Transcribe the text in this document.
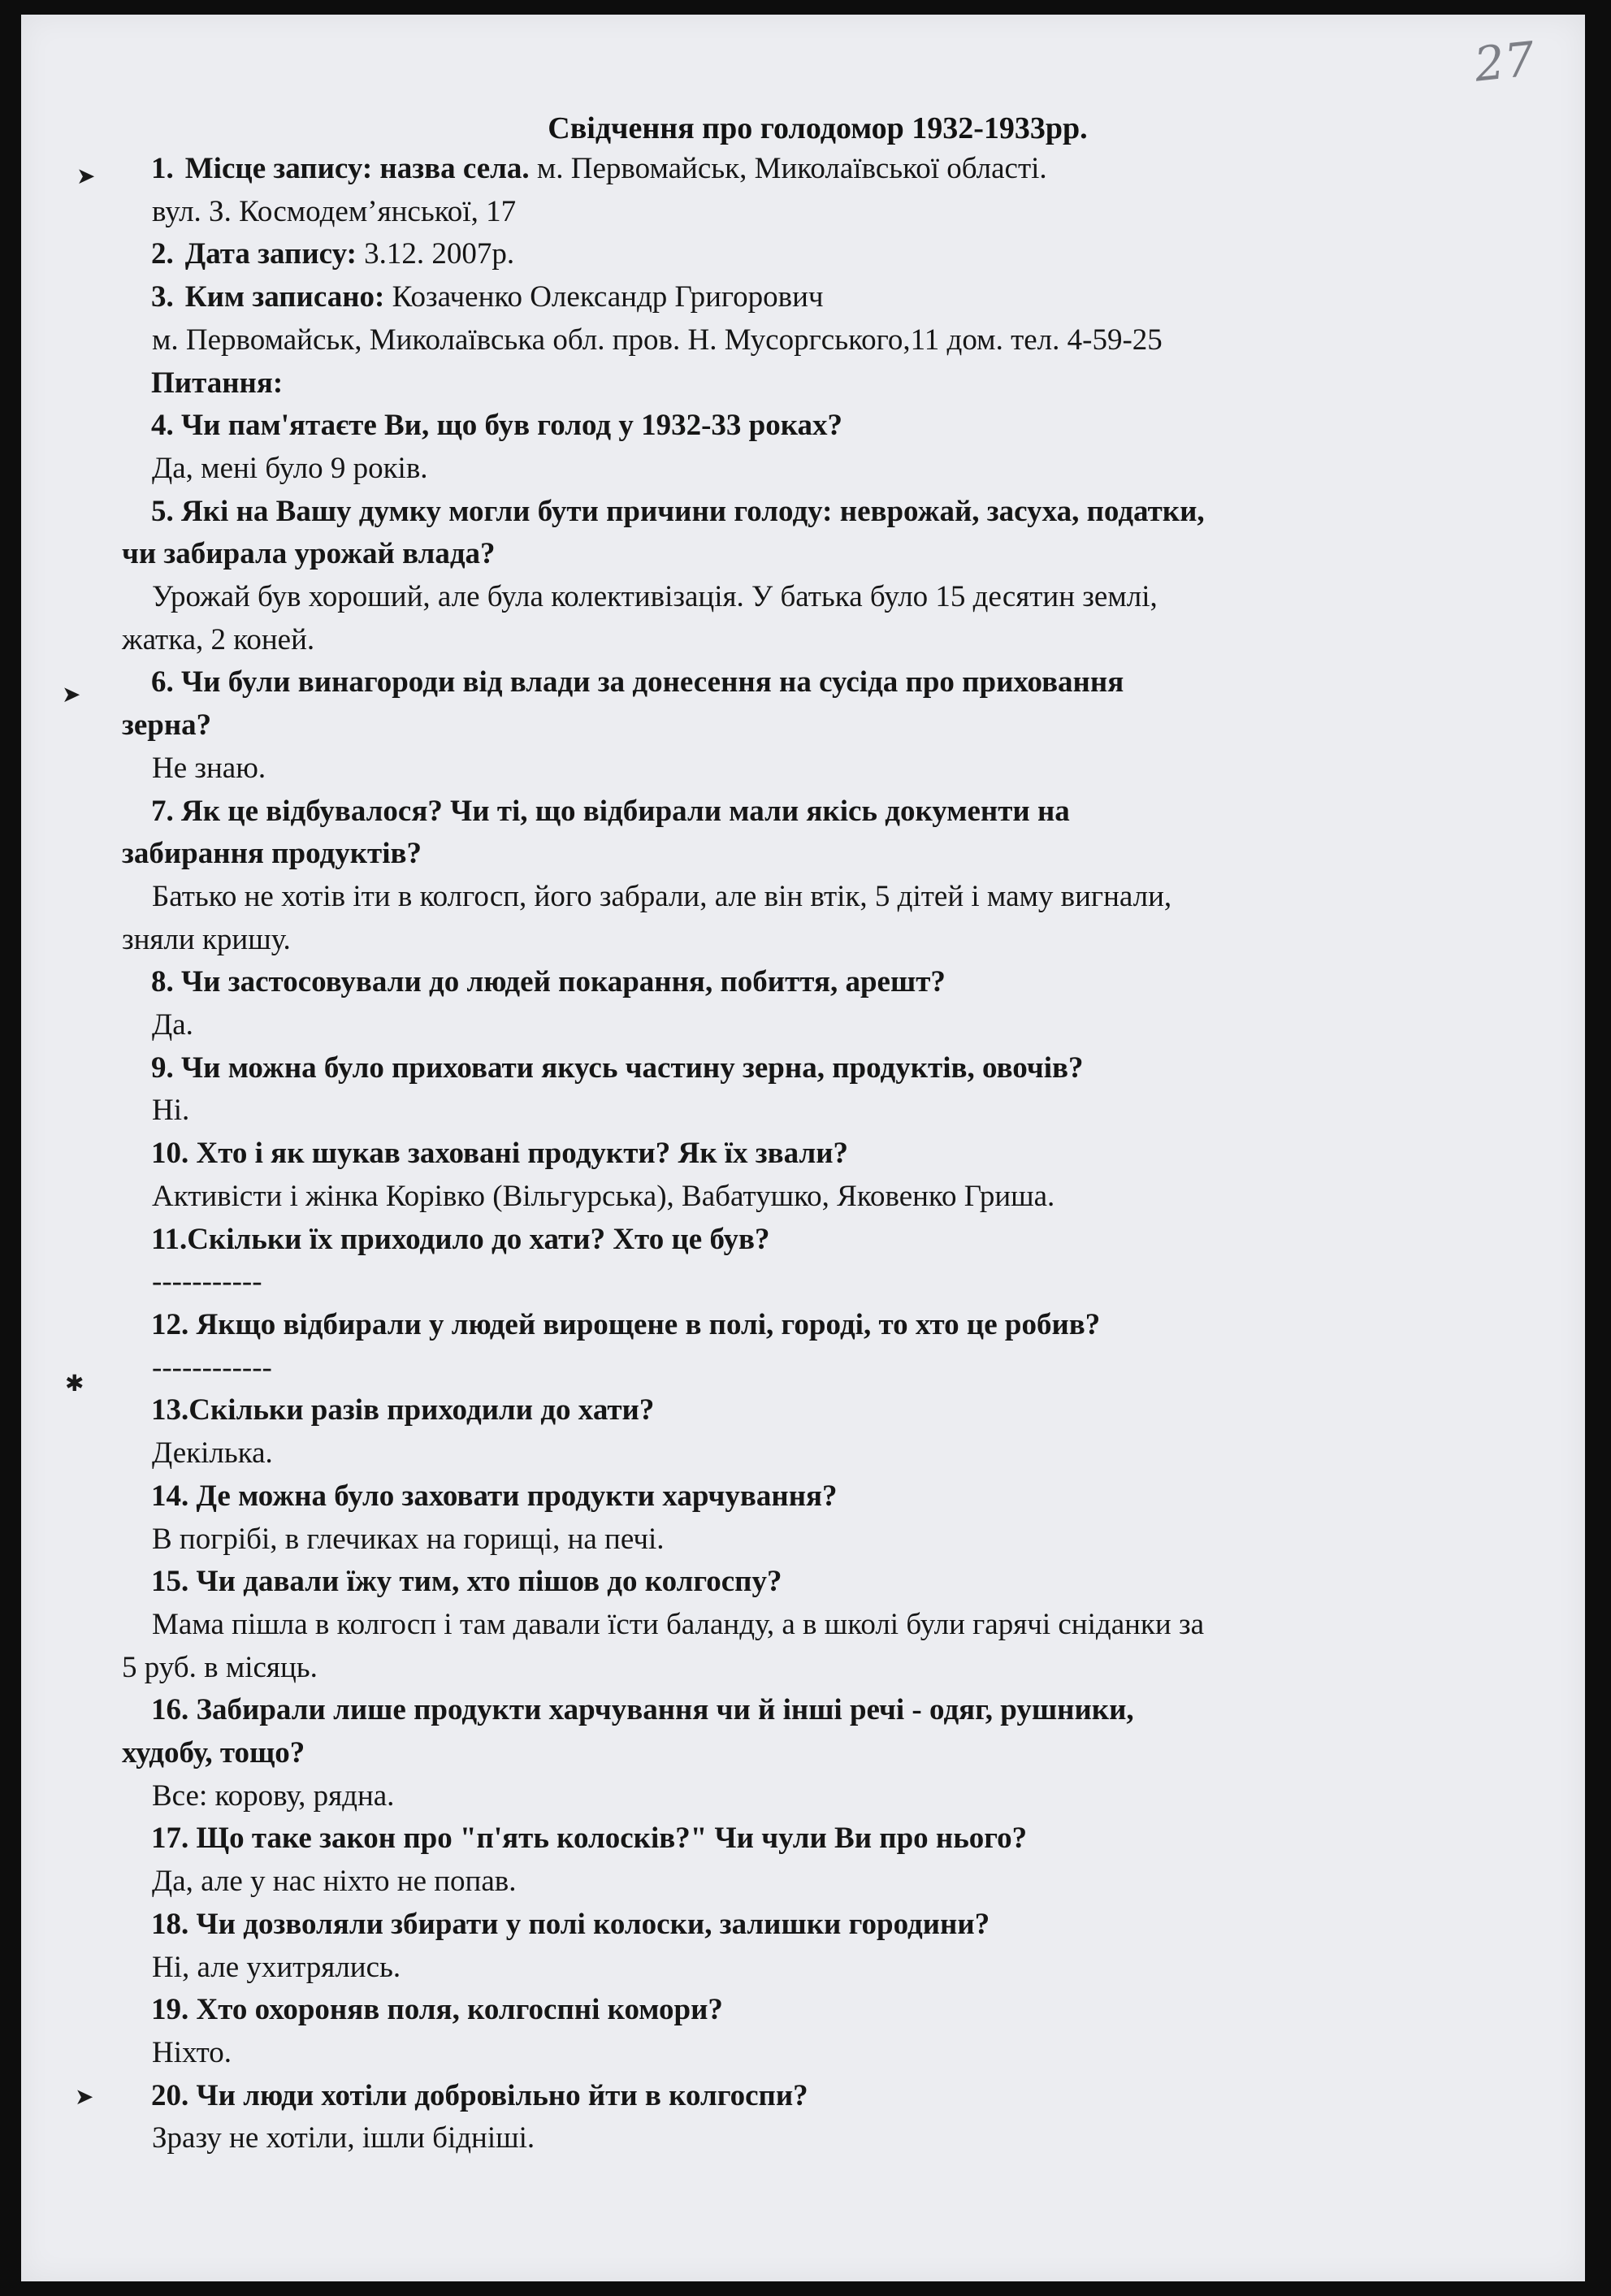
27
Свідчення про голодомор 1932-1933рр.
1. Місце запису: назва села. м. Первомайськ, Миколаївської області.
вул. З. Космодем’янської, 17
2. Дата запису: 3.12. 2007р.
3. Ким записано: Козаченко Олександр Григорович
м. Первомайськ, Миколаївська обл. пров. Н. Мусоргського,11 дом. тел. 4-59-25
Питання:
4. Чи пам'ятаєте Ви, що був голод у 1932-33 роках?
Да, мені було 9 років.
5. Які на Вашу думку могли бути причини голоду: неврожай, засуха, податки,
чи забирала урожай влада?
Урожай був хороший, але була колективізація. У батька було 15 десятин землі,
жатка, 2 коней.
6. Чи були винагороди від влади за донесення на сусіда про приховання
зерна?
Не знаю.
7. Як це відбувалося? Чи ті, що відбирали мали якісь документи на
забирання продуктів?
Батько не хотів іти в колгосп, його забрали, але він втік, 5 дітей і маму вигнали,
зняли кришу.
8. Чи застосовували до людей покарання, побиття, арешт?
Да.
9. Чи можна було приховати якусь частину зерна, продуктів, овочів?
Ні.
10. Хто і як шукав заховані продукти? Як їх звали?
Активісти і жінка Корівко (Вільгурська), Вабатушко, Яковенко Гриша.
11.Скільки їх приходило до хати? Хто це був?
-----------
12. Якщо відбирали у людей вирощене в полі, городі, то хто це робив?
------------
13.Скільки разів приходили до хати?
Декілька.
14. Де можна було заховати продукти харчування?
В погрібі, в глечиках на горищі, на печі.
15. Чи давали їжу тим, хто пішов до колгоспу?
Мама пішла в колгосп і там давали їсти баланду, а в школі були гарячі сніданки за
5 руб. в місяць.
16. Забирали лише продукти харчування чи й інші речі - одяг, рушники,
худобу, тощо?
Все: корову, рядна.
17. Що таке закон про "п'ять колосків?" Чи чули Ви про нього?
Да, але у нас ніхто не попав.
18. Чи дозволяли збирати у полі колоски, залишки городини?
Ні, але ухитрялись.
19. Хто охороняв поля, колгоспні комори?
Ніхто.
20. Чи люди хотіли добровільно йти в колгоспи?
Зразу не хотіли, ішли бідніші.
➤
➤
✱
➤
